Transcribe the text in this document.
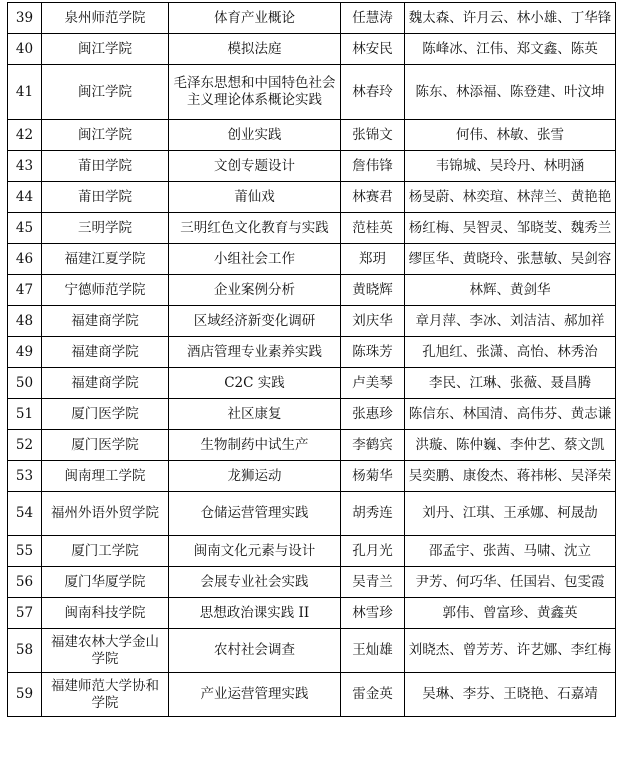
39	泉州师范学院	体育产业概论	任慧涛	魏太森、许月云、林小雄、丁华锋
40	闽江学院	模拟法庭	林安民	陈峰冰、江伟、郑文鑫、陈英
41	闽江学院	毛泽东思想和中国特色社会主义理论体系概论实践	林春玲	陈东、林添福、陈登建、叶汶坤
42	闽江学院	创业实践	张锦文	何伟、林敏、张雪
43	莆田学院	文创专题设计	詹伟锋	韦锦城、吴玲丹、林明涵
44	莆田学院	莆仙戏	林赛君	杨旻蔚、林奕瑄、林萍兰、黄艳艳
45	三明学院	三明红色文化教育与实践	范桂英	杨红梅、吴智灵、邹晓芰、魏秀兰
46	福建江夏学院	小组社会工作	郑玥	缪匡华、黄晓玲、张慧敏、吴剑容
47	宁德师范学院	企业案例分析	黄晓辉	林辉、黄剑华
48	福建商学院	区域经济新变化调研	刘庆华	章月萍、李冰、刘洁洁、郝加祥
49	福建商学院	酒店管理专业素养实践	陈珠芳	孔旭红、张潇、高怡、林秀治
50	福建商学院	C2C 实践	卢美琴	李民、江琳、张薇、聂昌腾
51	厦门医学院	社区康复	张惠珍	陈信东、林国清、高伟芬、黄志谦
52	厦门医学院	生物制药中试生产	李鹤宾	洪璇、陈仲巍、李仲艺、蔡文凯
53	闽南理工学院	龙狮运动	杨菊华	吴奕鹏、康俊杰、蒋祎彬、吴泽荣
54	福州外语外贸学院	仓储运营管理实践	胡秀连	刘丹、江琪、王承娜、柯晟劼
55	厦门工学院	闽南文化元素与设计	孔月光	邵孟宇、张茜、马啸、沈立
56	厦门华厦学院	会展专业社会实践	吴青兰	尹芳、何巧华、任国岩、包雯霞
57	闽南科技学院	思想政治课实践 II	林雪珍	郭伟、曾富珍、黄鑫英
58	福建农林大学金山学院	农村社会调查	王灿雄	刘晓杰、曾芳芳、许艺娜、李红梅
59	福建师范大学协和学院	产业运营管理实践	雷金英	吴琳、李芬、王晓艳、石嘉靖
